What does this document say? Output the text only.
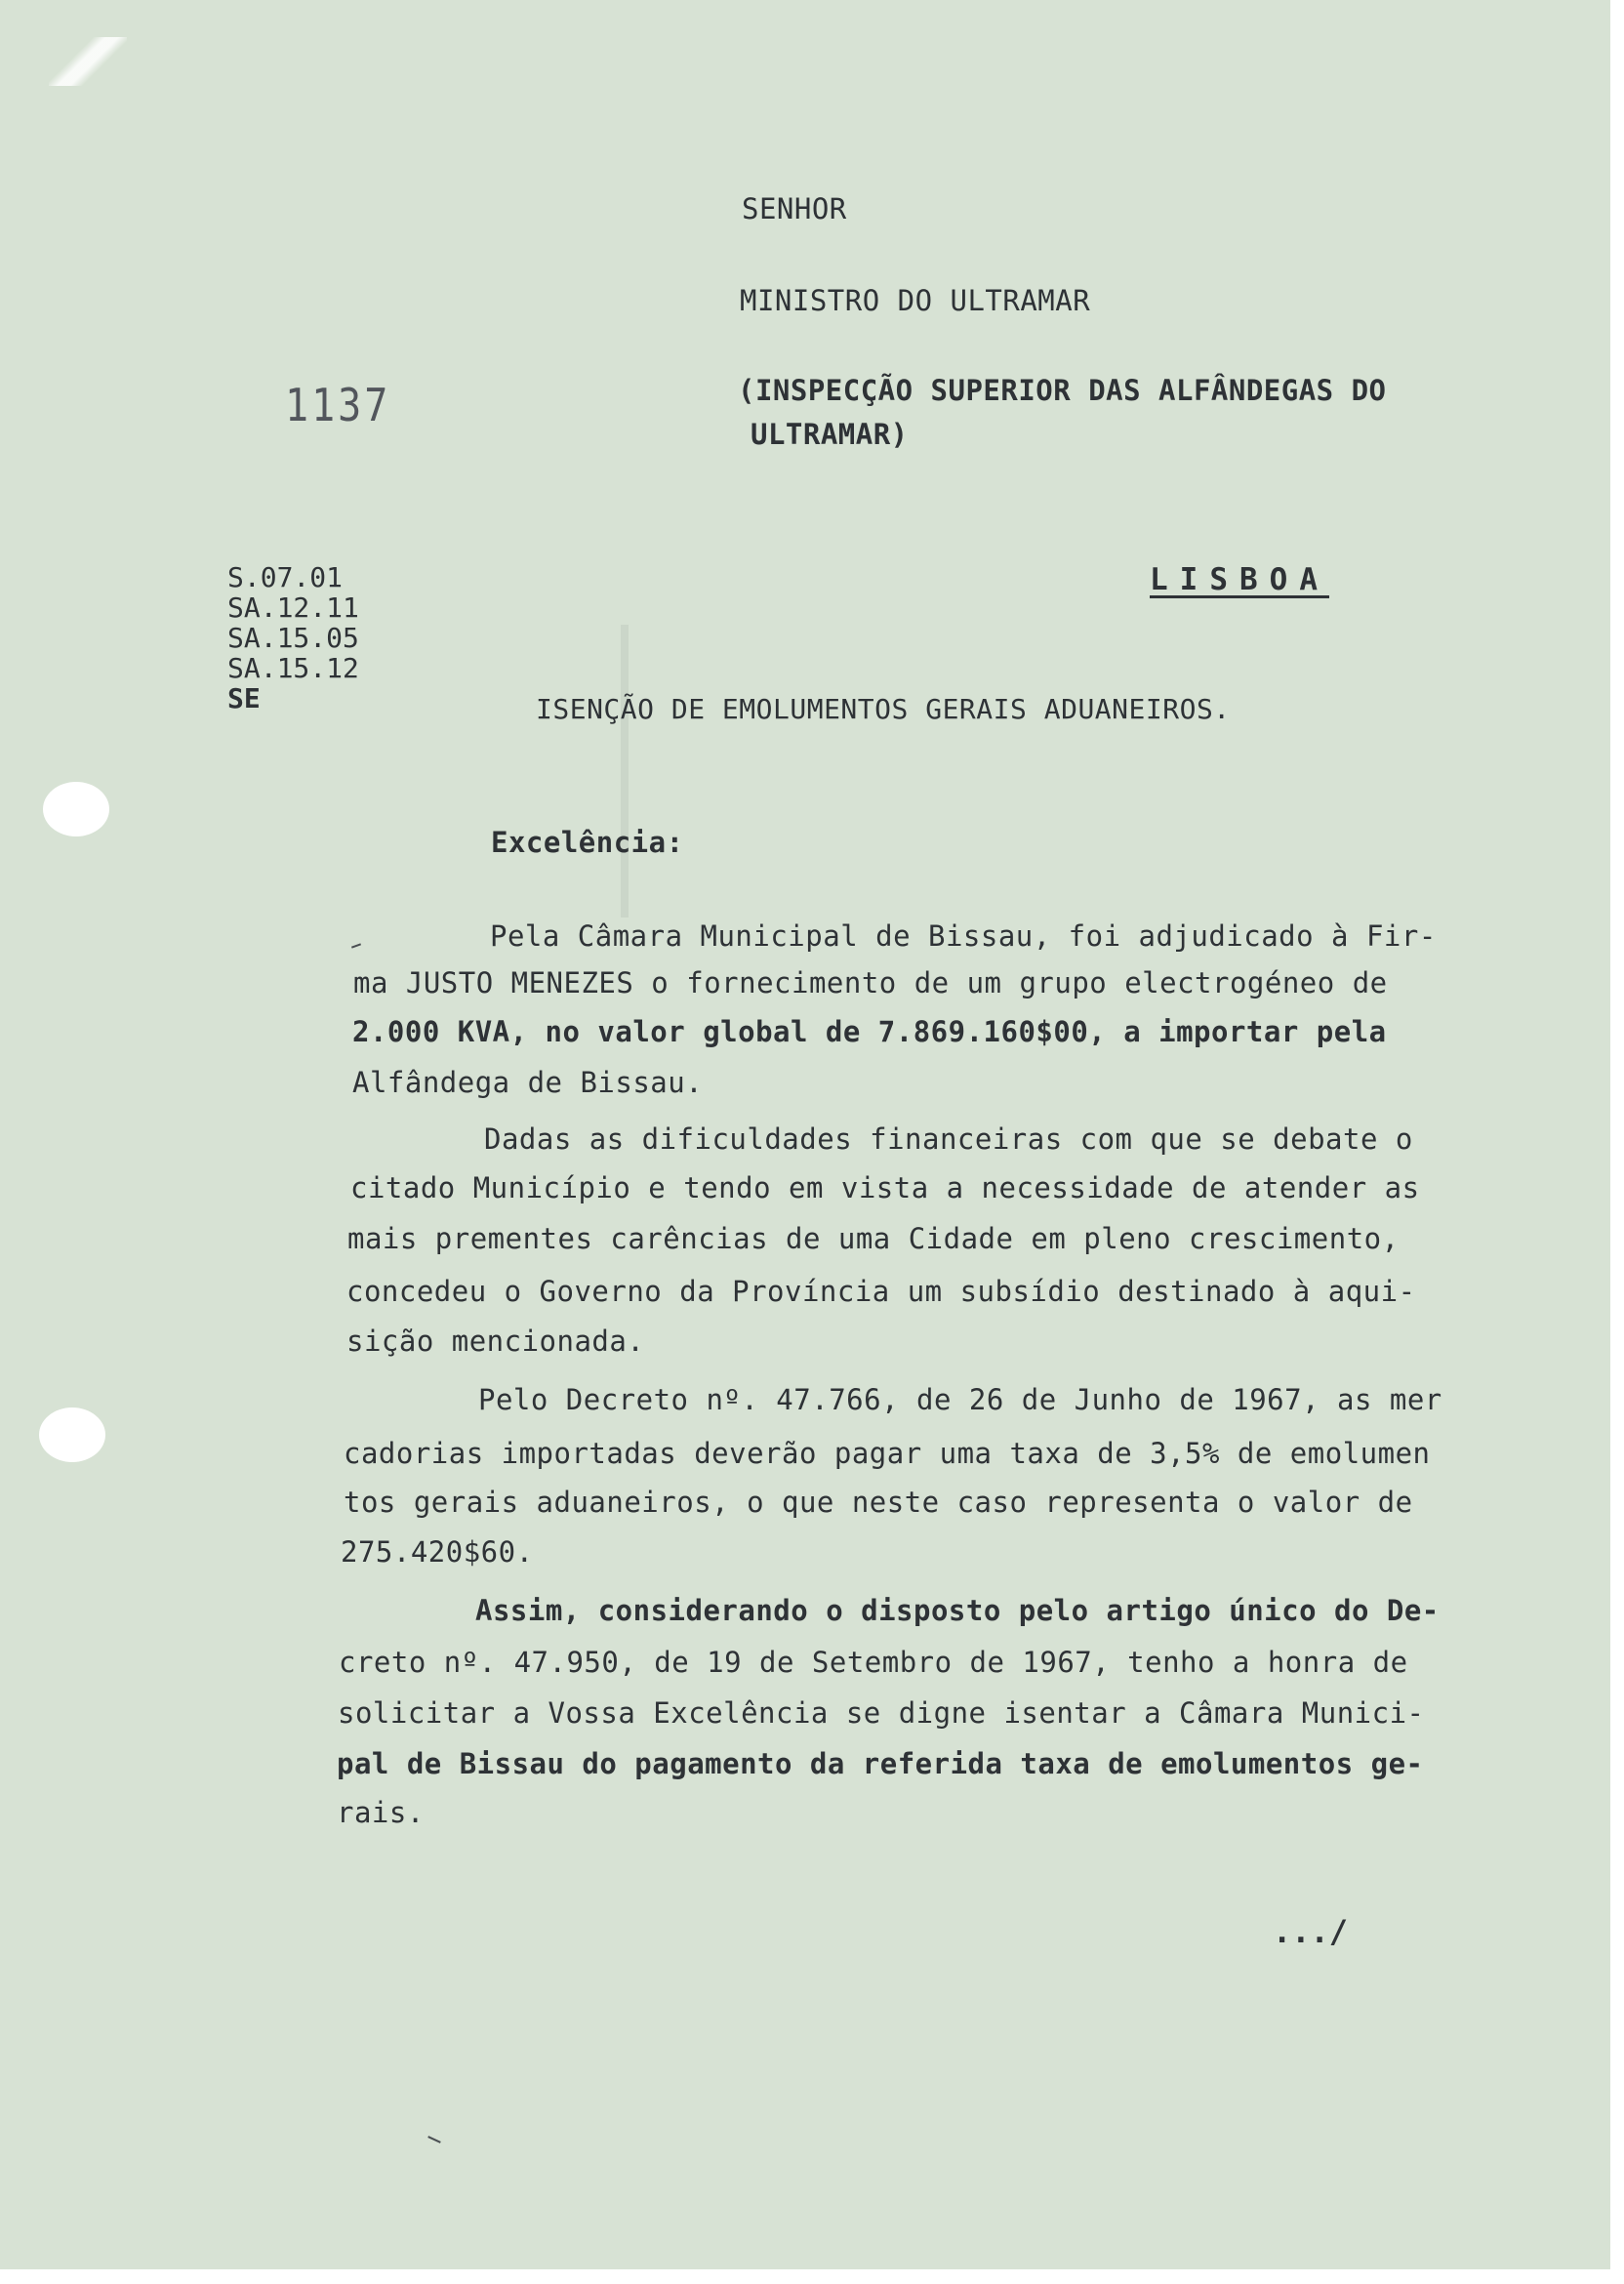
SENHOR
MINISTRO DO ULTRAMAR
(INSPECÇÃO SUPERIOR DAS ALFÂNDEGAS DO
ULTRAMAR)
1137
S.07.01
SA.12.11
SA.15.05
SA.15.12
SE
LISBOA
ISENÇÃO DE EMOLUMENTOS GERAIS ADUANEIROS.
Excelência:
Pela Câmara Municipal de Bissau, foi adjudicado à Fir-
ma JUSTO MENEZES o fornecimento de um grupo electrogéneo de
2.000 KVA, no valor global de 7.869.160$00, a importar pela
Alfândega de Bissau.
Dadas as dificuldades financeiras com que se debate o
citado Município e tendo em vista a necessidade de atender as
mais prementes carências de uma Cidade em pleno crescimento,
concedeu o Governo da Província um subsídio destinado à aqui-
sição mencionada.
Pelo Decreto nº. 47.766, de 26 de Junho de 1967, as mer
cadorias importadas deverão pagar uma taxa de 3,5% de emolumen
tos gerais aduaneiros, o que neste caso representa o valor de
275.420$60.
Assim, considerando o disposto pelo artigo único do De-
creto nº. 47.950, de 19 de Setembro de 1967, tenho a honra de
solicitar a Vossa Excelência se digne isentar a Câmara Munici-
pal de Bissau do pagamento da referida taxa de emolumentos ge-
rais.
.../
